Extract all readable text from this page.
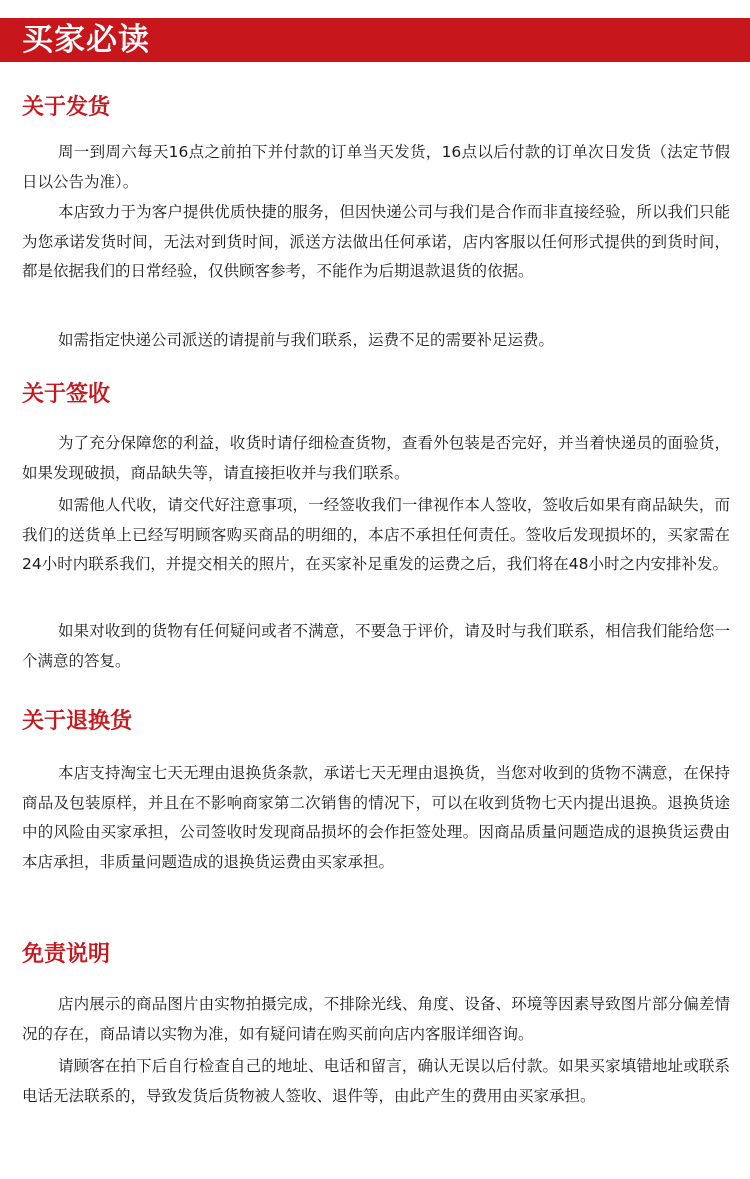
买家必读
关于发货

周一到周六每天16点之前拍下并付款的订单当天发货，16点以后付款的订单次日发货（法定节假日以公告为准）。

本店致力于为客户提供优质快捷的服务，但因快递公司与我们是合作而非直接经验，所以我们只能为您承诺发货时间，无法对到货时间，派送方法做出任何承诺，店内客服以任何形式提供的到货时间，都是依据我们的日常经验，仅供顾客参考，不能作为后期退款退货的依据。

如需指定快递公司派送的请提前与我们联系，运费不足的需要补足运费。

关于签收

为了充分保障您的利益，收货时请仔细检查货物，查看外包装是否完好，并当着快递员的面验货，如果发现破损，商品缺失等，请直接拒收并与我们联系。

如需他人代收，请交代好注意事项，一经签收我们一律视作本人签收，签收后如果有商品缺失，而我们的送货单上已经写明顾客购买商品的明细的，本店不承担任何责任。签收后发现损坏的，买家需在24小时内联系我们，并提交相关的照片，在买家补足重发的运费之后，我们将在48小时之内安排补发。

如果对收到的货物有任何疑问或者不满意，不要急于评价，请及时与我们联系，相信我们能给您一个满意的答复。

关于退换货

本店支持淘宝七天无理由退换货条款，承诺七天无理由退换货，当您对收到的货物不满意，在保持商品及包装原样，并且在不影响商家第二次销售的情况下，可以在收到货物七天内提出退换。退换货途中的风险由买家承担，公司签收时发现商品损坏的会作拒签处理。因商品质量问题造成的退换货运费由本店承担，非质量问题造成的退换货运费由买家承担。

免责说明

店内展示的商品图片由实物拍摄完成，不排除光线、角度、设备、环境等因素导致图片部分偏差情况的存在，商品请以实物为准，如有疑问请在购买前向店内客服详细咨询。

请顾客在拍下后自行检查自己的地址、电话和留言，确认无误以后付款。如果买家填错地址或联系电话无法联系的，导致发货后货物被人签收、退件等，由此产生的费用由买家承担。
